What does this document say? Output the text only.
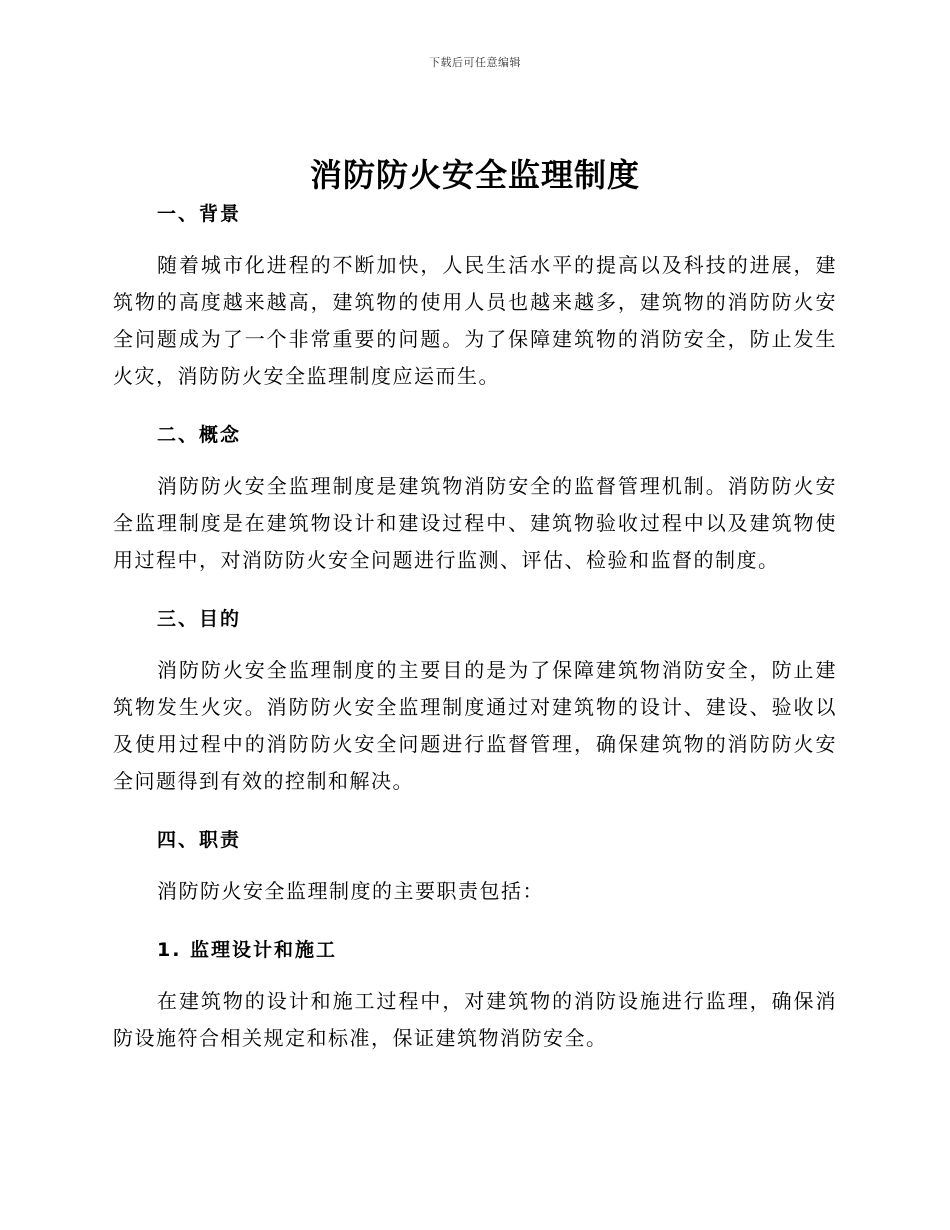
下载后可任意编辑
消防防火安全监理制度
一、背景

随着城市化进程的不断加快，人民生活水平的提高以及科技的进展，建筑物的高度越来越高，建筑物的使用人员也越来越多，建筑物的消防防火安全问题成为了一个非常重要的问题。为了保障建筑物的消防安全，防止发生火灾，消防防火安全监理制度应运而生。

二、概念

消防防火安全监理制度是建筑物消防安全的监督管理机制。消防防火安全监理制度是在建筑物设计和建设过程中、建筑物验收过程中以及建筑物使用过程中，对消防防火安全问题进行监测、评估、检验和监督的制度。

三、目的

消防防火安全监理制度的主要目的是为了保障建筑物消防安全，防止建筑物发生火灾。消防防火安全监理制度通过对建筑物的设计、建设、验收以及使用过程中的消防防火安全问题进行监督管理，确保建筑物的消防防火安全问题得到有效的控制和解决。

四、职责

消防防火安全监理制度的主要职责包括：

1. 监理设计和施工

在建筑物的设计和施工过程中，对建筑物的消防设施进行监理，确保消防设施符合相关规定和标准，保证建筑物消防安全。
